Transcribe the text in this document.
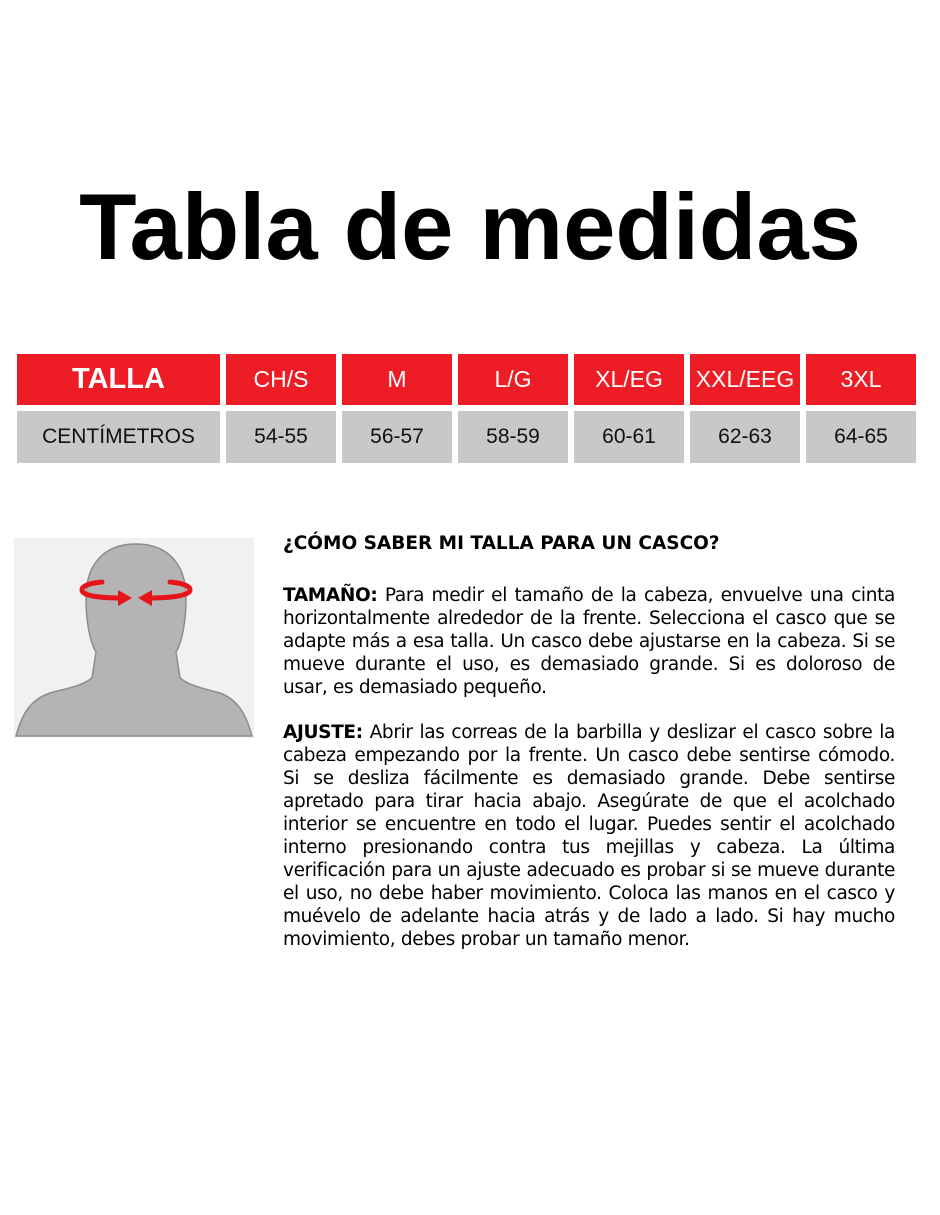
Tabla de medidas
TALLA	CH/S	M	L/G	XL/EG	XXL/EEG	3XL
CENTÍMETROS	54-55	56-57	58-59	60-61	62-63	64-65
¿CÓMO SABER MI TALLA PARA UN CASCO?

TAMAÑO: Para medir el tamaño de la cabeza, envuelve una cinta horizontalmente alrededor de la frente. Selecciona el casco que se adapte más a esa talla. Un casco debe ajustarse en la cabeza. Si se mueve durante el uso, es demasiado grande. Si es doloroso de usar, es demasiado pequeño.

AJUSTE: Abrir las correas de la barbilla y deslizar el casco sobre la cabeza empezando por la frente. Un casco debe sentirse cómodo. Si se desliza fácilmente es demasiado grande. Debe sentirse apretado para tirar hacia abajo. Asegúrate de que el acolchado interior se encuentre en todo el lugar. Puedes sentir el acolchado interno presionando contra tus mejillas y cabeza. La última verificación para un ajuste adecuado es probar si se mueve durante el uso, no debe haber movimiento. Coloca las manos en el casco y muévelo de adelante hacia atrás y de lado a lado. Si hay mucho movimiento, debes probar un tamaño menor.
